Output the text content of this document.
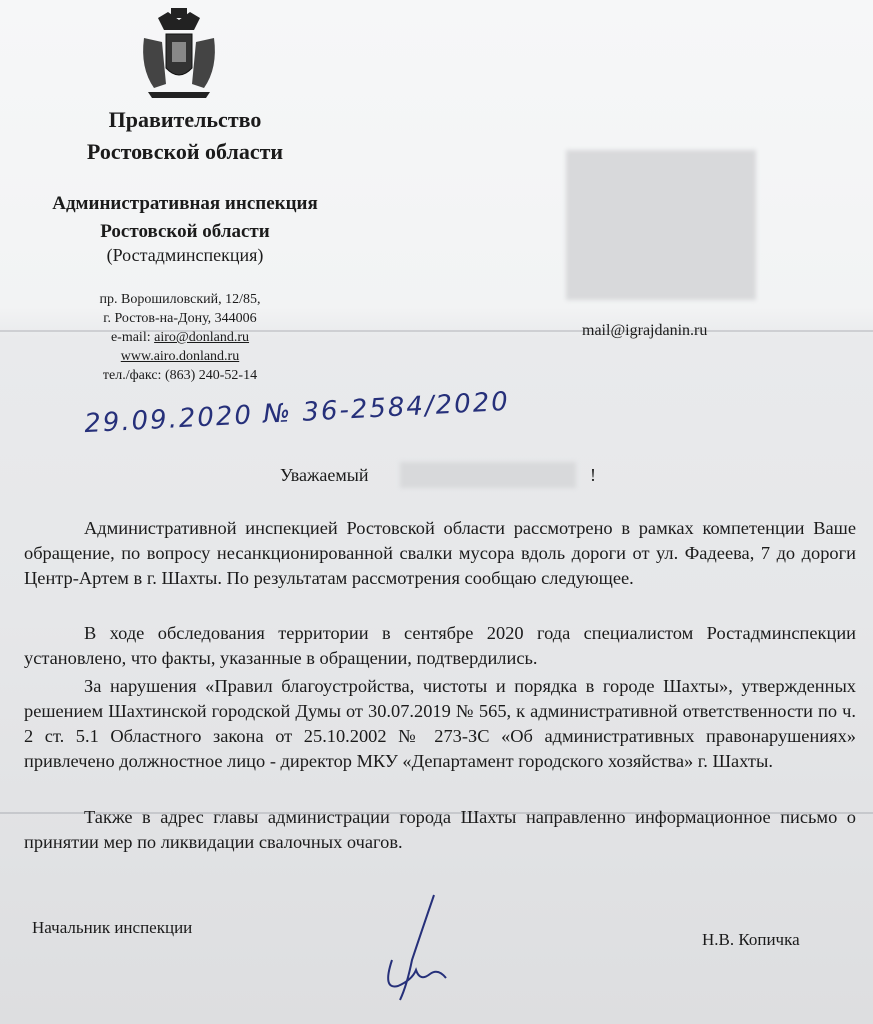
Правительство
Ростовской области
Административная инспекция
Ростовской области
(Ростадминспекция)
пр. Ворошиловский, 12/85,
г. Ростов-на-Дону, 344006
e-mail: airo@donland.ru
www.airo.donland.ru
тел./факс: (863) 240-52-14
mail@igrajdanin.ru
29.09.2020 № 36-2584/2020
Уважаемый	!

Административной инспекцией Ростовской области рассмотрено в рамках компетенции Ваше обращение, по вопросу несанкционированной свалки мусора вдоль дороги от ул. Фадеева, 7 до дороги Центр-Артем в г. Шахты. По результатам рассмотрения сообщаю следующее.

В ходе обследования территории в сентябре 2020 года специалистом Ростадминспекции установлено, что факты, указанные в обращении, подтвердились.

За нарушения «Правил благоустройства, чистоты и порядка в городе Шахты», утвержденных решением Шахтинской городской Думы от 30.07.2019 № 565, к административной ответственности по ч. 2 ст. 5.1 Областного закона от 25.10.2002 № 273-ЗС «Об административных правонарушениях» привлечено должностное лицо - директор МКУ «Департамент городского хозяйства» г. Шахты.

Также в адрес главы администрации города Шахты направленно информационное письмо о принятии мер по ликвидации свалочных очагов.

Начальник инспекции
Н.В. Копичка
